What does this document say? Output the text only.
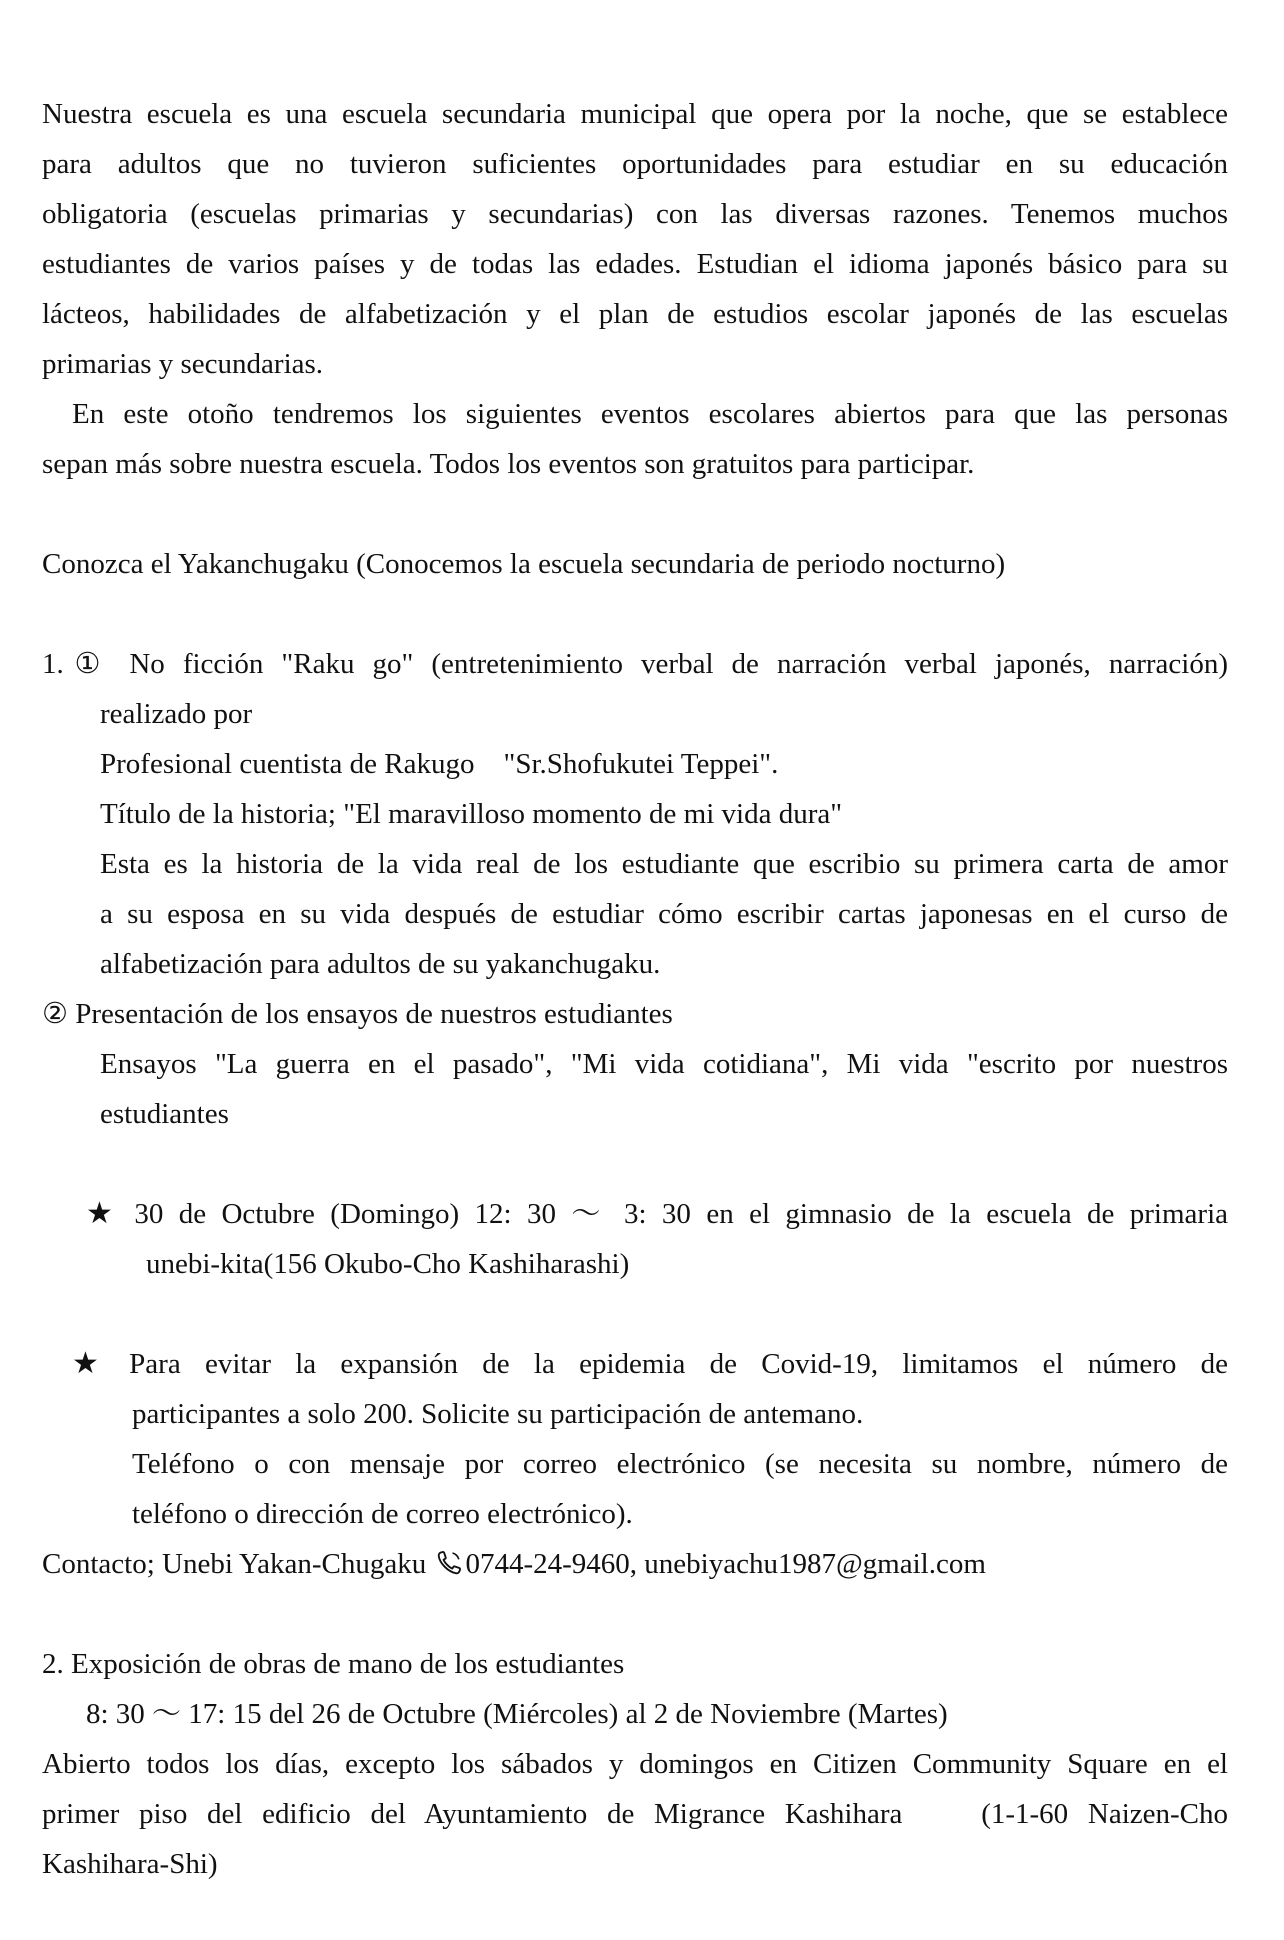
Nuestra escuela es una escuela secundaria municipal que opera por la noche, que se establece
para adultos que no tuvieron suficientes oportunidades para estudiar en su educación
obligatoria (escuelas primarias y secundarias) con las diversas razones. Tenemos muchos
estudiantes de varios países y de todas las edades. Estudian el idioma japonés básico para su
lácteos, habilidades de alfabetización y el plan de estudios escolar japonés de las escuelas
primarias y secundarias.
En este otoño tendremos los siguientes eventos escolares abiertos para que las personas
sepan más sobre nuestra escuela. Todos los eventos son gratuitos para participar.
Conozca el Yakanchugaku (Conocemos la escuela secundaria de periodo nocturno)
1.① No ficción "Raku go" (entretenimiento verbal de narración verbal japonés, narración)
realizado por
Profesional cuentista de Rakugo    "Sr.Shofukutei Teppei".
Título de la historia; "El maravilloso momento de mi vida dura"
Esta es la historia de la vida real de los estudiante que escribio su primera carta de amor
a su esposa en su vida después de estudiar cómo escribir cartas japonesas en el curso de
alfabetización para adultos de su yakanchugaku.
② Presentación de los ensayos de nuestros estudiantes
Ensayos "La guerra en el pasado", "Mi vida cotidiana", Mi vida "escrito por nuestros
estudiantes
★ 30 de Octubre (Domingo) 12: 30 ～ 3: 30 en el gimnasio de la escuela de primaria
unebi-kita(156 Okubo-Cho Kashiharashi)
★ Para evitar la expansión de la epidemia de Covid-19, limitamos el número de
participantes a solo 200. Solicite su participación de antemano.
Teléfono o con mensaje por correo electrónico (se necesita su nombre, número de
teléfono o dirección de correo electrónico).
Contacto; Unebi Yakan-Chugaku 0744-24-9460, unebiyachu1987@gmail.com
2. Exposición de obras de mano de los estudiantes
8: 30 ～ 17: 15 del 26 de Octubre (Miércoles) al 2 de Noviembre (Martes)
Abierto todos los días, excepto los sábados y domingos en Citizen Community Square en el
primer piso del edificio del Ayuntamiento de Migrance Kashihara    (1-1-60 Naizen-Cho
Kashihara-Shi)
